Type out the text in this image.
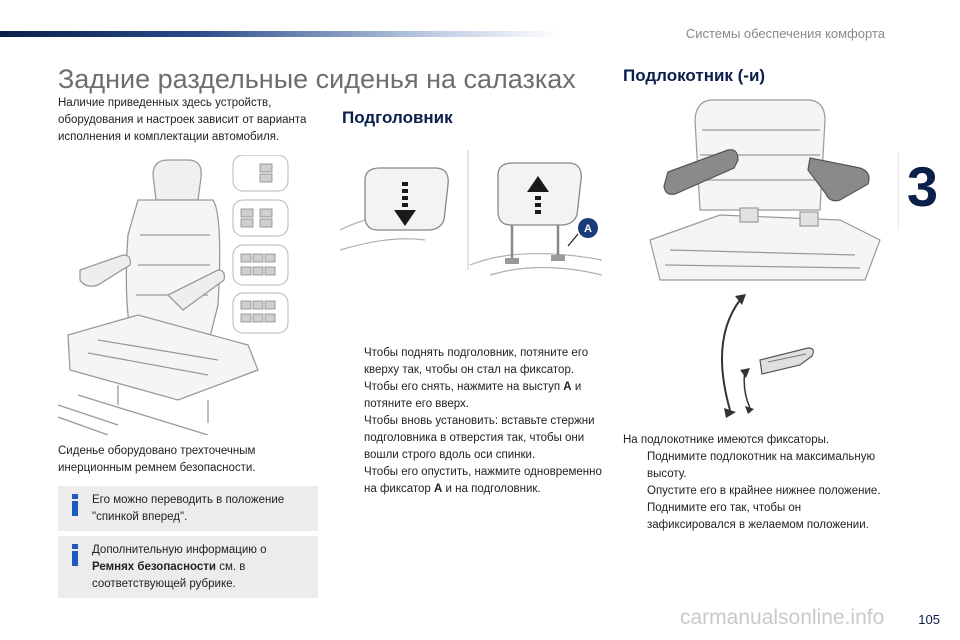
Системы обеспечения комфорта
3
Задние раздельные сиденья на салазках

Наличие приведенных здесь устройств, оборудования и настроек зависит от варианта исполнения и комплектации автомобиля.

Подголовник
A
Чтобы поднять подголовник, потяните его кверху так, чтобы он стал на фиксатор.
Чтобы его снять, нажмите на выступ A и потяните его вверх.
Чтобы вновь установить: вставьте стержни подголовника в отверстия так, чтобы они вошли строго вдоль оси спинки.
Чтобы его опустить, нажмите одновременно на фиксатор A и на подголовник.
Сиденье оборудовано трехточечным инерционным ремнем безопасности.
Его можно переводить в положение "спинкой вперед".
Дополнительную информацию о Ремнях безопасности см. в соответствующей рубрике.
Подлокотник (-и)
На подлокотнике имеются фиксаторы.
Поднимите подлокотник на максимальную высоту.
Опустите его в крайнее нижнее положение.
Поднимите его так, чтобы он зафиксировался в желаемом положении.
carmanualsonline.info	105
